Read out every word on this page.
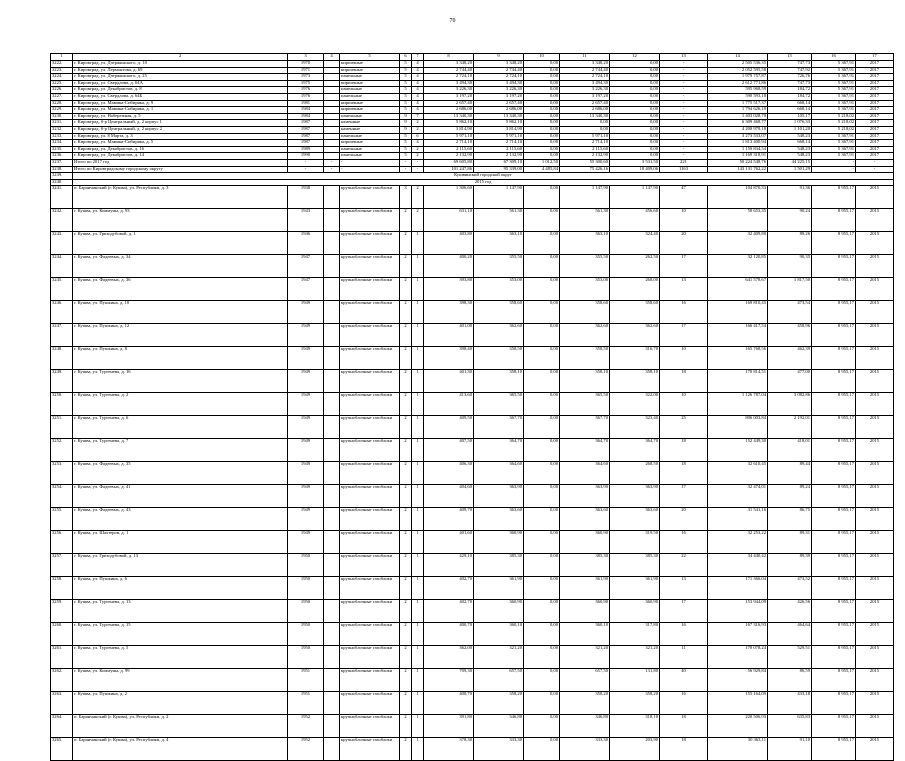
70
1	2	3	4	5	6	7	8	9	10	11	12	13	14	15	16	17
3222.	г. Кировград, ул. Дзержинского, д. 10	1970		кирпичные	5	4	3 348,20	3 348,20	0,00	3 348,20	0,00	-	2 505 536,35	747,73	5 367,91	2017
3223.	г. Кировград, ул. Лермонтова, д. 69	1971		кирпичные	5	4	2 744,40	2 744,40	0,00	2 744,40	0,00	-	2 052 595,58	747,92	5 367,91	2017
3224.	г. Кировград, ул. Дзержинского, д. 25	1973		панельные	5	4	2 724,10	2 724,10	0,00	2 724,10	0,00	-	1 979 757,87	726,76	5 367,91	2017
3225.	г. Кировград, ул. Свердлова, д. 64А	1975		кирпичные	5	4	3 494,30	3 494,30	0,00	3 494,30	0,00	-	2 612 771,86	747,73	5 367,91	2017
3226.	г. Кировград, ул. Декабристов, д. 8	1976		панельные	5	4	3 226,30	3 226,30	0,00	3 226,30	0,00	-	595 968,59	184,72	5 367,91	2017
3227.	г. Кировград, ул. Свердлова, д. 64Б	1976		панельные	5	4	3 197,20	3 197,20	0,00	3 197,20	0,00	-	590 593,18	184,72	5 367,91	2017
3228.	г. Кировград, ул. Мамина-Сибиряка, д. 9	1981		кирпичные	5	4	2 657,40	2 657,40	0,00	2 657,40	0,00	-	1 775 517,37	668,14	5 367,91	2017
3229.	г. Кировград, ул. Мамина-Сибиряка, д. 1	1984		кирпичные	5	4	2 686,00	2 686,00	0,00	2 686,00	0,00	-	1 794 626,19	668,14	5 367,91	2017
3230.	г. Кировград, ул. Набережная, д. 5	1984		панельные	9	7	13 340,30	13 340,30	0,00	13 340,30	0,00	-	1 403 028,70	105,17	5 218,02	2017
3231.	г. Кировград, б-р Центральный, д. 2 корпус 1	1987		каменные	9	2	5 862,10	5 862,10	0,00	0,00	0,00	-	6 309 468,77	1 076,33	5 218,02	2017
3232.	г. Кировград, б-р Центральный, д. 2 корпус 2	1987		каменные	9	2	3 814,90	3 814,90	0,00	0,00	0,00	-	4 200 979,18	1 101,20	5 218,02	2017
3233.	г. Кировград, ул. 8 Марта, д. 3	1987		панельные	5	6	5 971,10	5 971,10	0,00	5 971,10	0,00	-	3 273 533,07	548,23	5 367,91	2017
3234.	г. Кировград, ул. Мамина-Сибиряка, д. 5	1987		кирпичные	5	4	2 714,10	2 714,10	0,00	2 714,10	0,00	-	1 813 400,94	668,14	5 367,91	2017
3235.	г. Кировград, ул. Декабристов, д. 16	1989		панельные	5	2	2 115,60	2 115,60	0,00	2 115,60	0,00	-	1 159 834,54	548,23	5 367,91	2017
3236.	г. Кировград, ул. Декабристов, д. 14	1990		панельные	5	2	2 132,90	2 132,90	0,00	2 132,90	0,00	-	1 169 318,91	548,23	5 367,91	2017
3237.	Итого по 2017 год	-	-	-	-	-	69 605,80	67 309,10	1 012,50	55 300,60	3 531,50	221	50 224 548,76	44 225,15	-	-
3238.	Итого по Кировградскому городскому округу	-	-	-	-	-	101 247,86	95 339,00	4 485,84	75 426,16	18 409,06	1163	143 131 762,22	1 501,29	-	-
3239.	Кушвинский городской округ															
3240.	2015 год															
3241.	п. Баранчинский (г. Кушва), ул. Республики, д. 3	1938		крупноблочные газоблоки	3	2	1 306,60	1 147,90	0,00	1 147,90	1 147,90	47	104 870,33	91,36	8 955,17	2015
3242.	г. Кушва, ул. Коммуны, д. 93	1943		крупноблочные газоблоки	2	2	631,10	561,30	0,00	561,30	456,60	10	50 653,35	90,24	8 955,17	2015
3243.	г. Кушва, ул. Гризодубовой, д. 1	1946		крупноблочные газоблоки	2	1	403,80	363,10	0,00	363,10	324,40	20	32 409,80	89,26	8 955,17	2015
3244.	г. Кушва, ул. Фадеевых, д. 34	1947		крупноблочные газоблоки	2	1	400,20	355,50	0,00	355,50	262,50	17	32 120,85	90,35	8 955,17	2015
3245.	г. Кушва, ул. Фадеевых, д. 36	1947		крупноблочные газоблоки	2	1	393,80	353,00	0,00	353,00	268,00	13	641 578,67	1 817,50	8 955,17	2015
3246.	г. Кушва, ул. Пушкина, д. 10	1949		крупноблочные газоблоки	2	1	398,30	358,60	0,00	358,60	358,60	16	169 810,45	473,54	8 955,17	2015
3247.	г. Кушва, ул. Пушкина, д. 12	1949		крупноблочные газоблоки	2	1	401,00	362,60	0,00	362,60	362,60	17	166 417,54	458,96	8 955,17	2015
3248.	г. Кушва, ул. Пушкина, д. 8	1949		крупноблочные газоблоки	2	1	398,40	358,50	0,00	358,50	316,70	10	165 768,56	462,39	8 955,17	2015
3249.	г. Кушва, ул. Тургенева, д. 16	1949		крупноблочные газоблоки	2	1	401,30	358,10	0,00	358,10	358,10	18	170 814,51	477,00	8 955,17	2015
3250.	г. Кушва, ул. Тургенева, д. 2	1949		крупноблочные газоблоки	2	1	413,60	365,50	0,00	365,50	322,00	10	1 126 787,04	3 082,86	8 955,17	2015
3251.	г. Кушва, ул. Тургенева, д. 6	1949		крупноблочные газоблоки	2	1	409,50	367,70	0,00	367,70	323,40	25	806 003,84	2 192,01	8 955,17	2015
3252.	г. Кушва, ул. Тургенева, д. 7	1949		крупноблочные газоблоки	2	1	407,50	364,70	0,00	364,70	364,70	18	152 449,30	418,01	8 955,17	2015
3253.	г. Кушва, ул. Фадеевых, д. 35	1949		крупноблочные газоблоки	2	1	406,30	364,60	0,00	364,60	268,50	18	32 610,45	89,44	8 955,17	2015
3254.	г. Кушва, ул. Фадеевых, д. 41	1949		крупноблочные газоблоки	2	1	404,60	363,90	0,00	363,90	363,90	17	32 474,01	89,24	8 955,17	2015
3255.	г. Кушва, ул. Фадеевых, д. 43	1949		крупноблочные газоблоки	2	1	409,70	363,60	0,00	363,60	363,60	20	31 541,16	86,75	8 955,17	2015
3256.	г. Кушва, ул. Шахтеров, д. 1	1949		крупноблочные газоблоки	2	1	401,60	360,90	0,00	360,90	319,50	16	32 253,22	89,31	8 955,17	2015
3257.	г. Кушва, ул. Гризодубовой, д. 13	1950		крупноблочные газоблоки	2	1	429,10	385,30	0,00	385,30	385,30	22	34 440,42	89,39	8 955,17	2015
3258.	г. Кушва, ул. Пушкина, д. 6	1950		крупноблочные газоблоки	2	1	402,70	361,90	0,00	361,90	361,90	13	171 366,04	473,52	8 955,17	2015
3259.	г. Кушва, ул. Тургенева, д. 13	1950		крупноблочные газоблоки	2	1	402,70	360,90	0,00	360,90	360,90	17	153 944,09	426,56	8 955,17	2015
3260.	г. Кушва, ул. Тургенева, д. 15	1950		крупноблочные газоблоки	2	1	400,70	360,10	0,00	360,10	317,80	16	167 316,93	464,64	8 955,17	2015
3261.	г. Кушва, ул. Тургенева, д. 5	1950		крупноблочные газоблоки	2	1	362,00	321,20	0,00	321,20	321,20	11	170 078,24	529,51	8 955,17	2015
3262.	г. Кушва, ул. Коммуны, д. 99	1951		крупноблочные газоблоки	2	1	709,30	657,50	0,00	657,50	131,80	40	56 929,84	86,59	8 955,17	2015
3263.	г. Кушва, ул. Пушкина, д. 2	1951		крупноблочные газоблоки	2	1	400,70	358,20	0,00	358,20	358,20	16	155 164,09	433,18	8 955,17	2015
3264.	п. Баранчинский (г. Кушва), ул. Республики, д. 2	1952		крупноблочные газоблоки	2	1	391,80	346,80	0,00	346,80	318,10	18	220 506,93	635,83	8 955,17	2015
3265.	п. Баранчинский (г. Кушва), ул. Республики, д. 4	1952		крупноблочные газоблоки	2	1	378,30	333,30	0,00	333,30	203,90	18	30 363,11	91,10	8 955,17	2015
